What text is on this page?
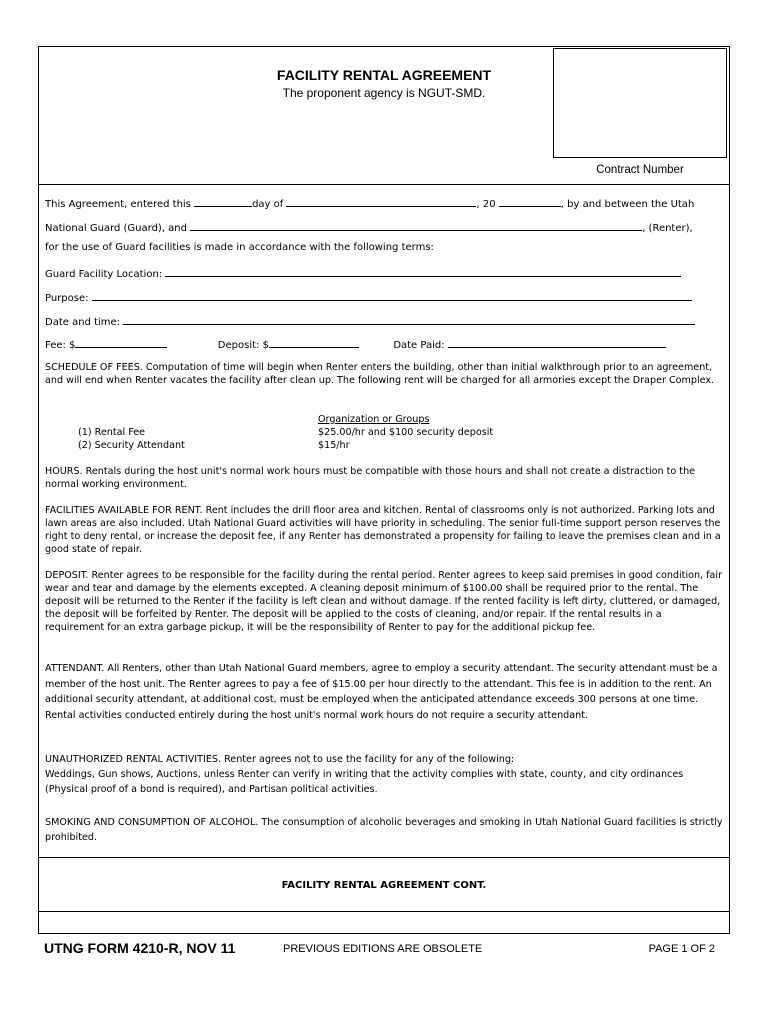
FACILITY RENTAL AGREEMENT
The proponent agency is NGUT-SMD.
Contract Number
This Agreement, entered this	day of	, 20	, by and between the Utah
National Guard (Guard), and	, (Renter),
for the use of Guard facilities is made in accordance with the following terms:
Guard Facility Location:
Purpose:
Date and time:
Fee: $	Deposit: $	Date Paid:
SCHEDULE OF FEES. Computation of time will begin when Renter enters the building, other than initial walkthrough prior to an agreement, and will end when Renter vacates the facility after clean up. The following rent will be charged for all armories except the Draper Complex.
Organization or Groups
(1) Rental Fee	$25.00/hr and $100 security deposit
(2) Security Attendant	$15/hr
HOURS. Rentals during the host unit's normal work hours must be compatible with those hours and shall not create a distraction to the normal working environment.
FACILITIES AVAILABLE FOR RENT. Rent includes the drill floor area and kitchen. Rental of classrooms only is not authorized. Parking lots and lawn areas are also included. Utah National Guard activities will have priority in scheduling. The senior full-time support person reserves the right to deny rental, or increase the deposit fee, if any Renter has demonstrated a propensity for failing to leave the premises clean and in a good state of repair.
DEPOSIT. Renter agrees to be responsible for the facility during the rental period. Renter agrees to keep said premises in good condition, fair wear and tear and damage by the elements excepted. A cleaning deposit minimum of $100.00 shall be required prior to the rental. The deposit will be returned to the Renter if the facility is left clean and without damage. If the rented facility is left dirty, cluttered, or damaged, the deposit will be forfeited by Renter. The deposit will be applied to the costs of cleaning, and/or repair. If the rental results in a requirement for an extra garbage pickup, it will be the responsibility of Renter to pay for the additional pickup fee.
ATTENDANT. All Renters, other than Utah National Guard members, agree to employ a security attendant. The security attendant must be a member of the host unit. The Renter agrees to pay a fee of $15.00 per hour directly to the attendant. This fee is in addition to the rent. An additional security attendant, at additional cost, must be employed when the anticipated attendance exceeds 300 persons at one time. Rental activities conducted entirely during the host unit's normal work hours do not require a security attendant.
UNAUTHORIZED RENTAL ACTIVITIES. Renter agrees not to use the facility for any of the following:
Weddings, Gun shows, Auctions, unless Renter can verify in writing that the activity complies with state, county, and city ordinances (Physical proof of a bond is required), and Partisan political activities.
SMOKING AND CONSUMPTION OF ALCOHOL. The consumption of alcoholic beverages and smoking in Utah National Guard facilities is strictly prohibited.
FACILITY RENTAL AGREEMENT CONT.
UTNG FORM 4210-R, NOV 11	PREVIOUS EDITIONS ARE OBSOLETE	PAGE 1 OF 2
